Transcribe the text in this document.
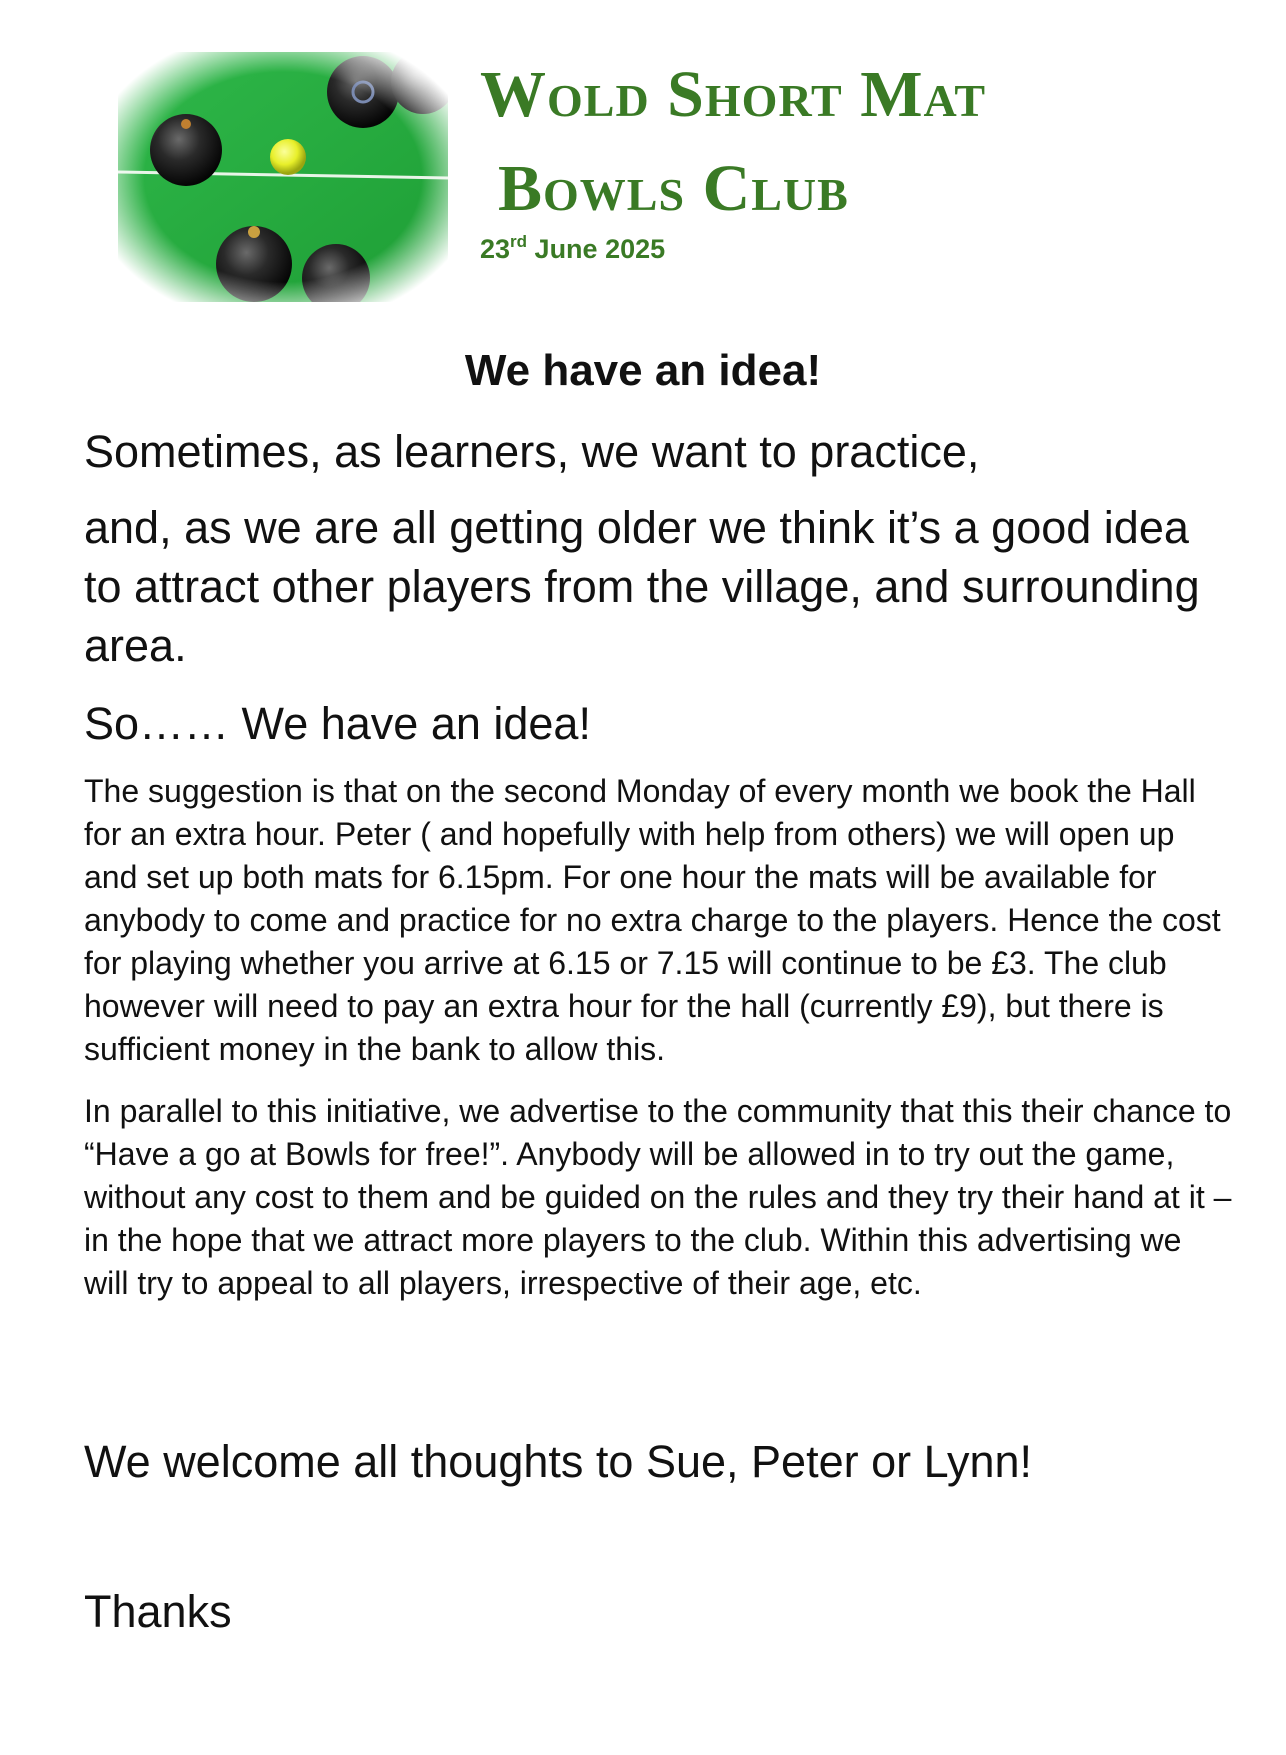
Wold Short Mat
Bowls Club
23rd June 2025
We have an idea!

Sometimes, as learners, we want to practice,

and, as we are all getting older we think it’s a good idea to attract other players from the village, and surrounding area.

So…… We have an idea!

The suggestion is that on the second Monday of every month we book the Hall for an extra hour. Peter ( and hopefully with help from others) we will open up and set up both mats for 6.15pm. For one hour the mats will be available for anybody to come and practice for no extra charge to the players. Hence the cost for playing whether you arrive at 6.15 or 7.15 will continue to be £3. The club however will need to pay an extra hour for the hall (currently £9), but there is sufficient money in the bank to allow this.

In parallel to this initiative, we advertise to the community that this their chance to “Have a go at Bowls for free!”. Anybody will be allowed in to try out the game, without any cost to them and be guided on the rules and they try their hand at it – in the hope that we attract more players to the club. Within this advertising we will try to appeal to all players, irrespective of their age, etc.

We welcome all thoughts to Sue, Peter or Lynn!

Thanks
